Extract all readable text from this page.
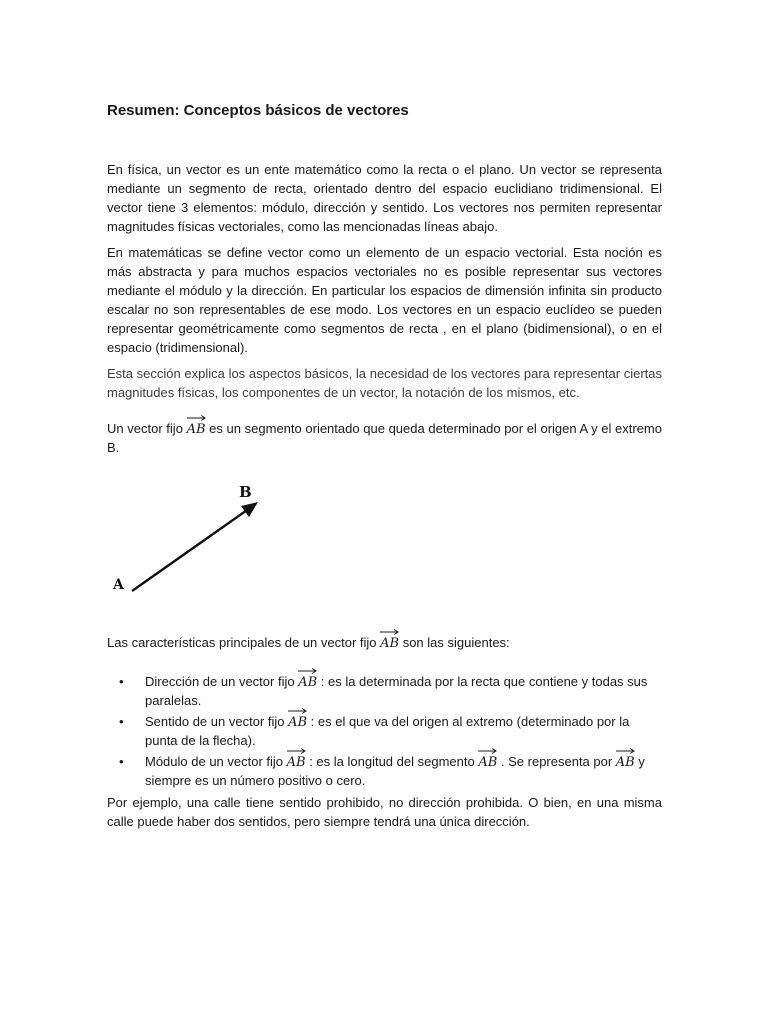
Resumen: Conceptos básicos de vectores

En física, un vector es un ente matemático como la recta o el plano. Un vector se representa mediante un segmento de recta, orientado dentro del espacio euclidiano tridimensional. El vector tiene 3 elementos: módulo, dirección y sentido. Los vectores nos permiten representar magnitudes físicas vectoriales, como las mencionadas líneas abajo.

En matemáticas se define vector como un elemento de un espacio vectorial. Esta noción es más abstracta y para muchos espacios vectoriales no es posible representar sus vectores mediante el módulo y la dirección. En particular los espacios de dimensión infinita sin producto escalar no son representables de ese modo. Los vectores en un espacio euclídeo se pueden representar geométricamente como segmentos de recta , en el plano (bidimensional), o en el espacio (tridimensional).

Esta sección explica los aspectos básicos, la necesidad de los vectores para representar ciertas magnitudes físicas, los componentes de un vector, la notación de los mismos, etc.

Un vector fijo
AB es un segmento orientado que queda determinado por el origen A y el extremo B.

A
B

Las características principales de un vector fijo
AB son las siguientes:

• Dirección de un vector fijo
AB : es la determinada por la recta que contiene y todas sus paralelas.
• Sentido de un vector fijo
AB : es el que va del origen al extremo (determinado por la punta de la flecha).
• Módulo de un vector fijo
AB : es la longitud del segmento
AB . Se representa por
AB y siempre es un número positivo o cero.

Por ejemplo, una calle tiene sentido prohibido, no dirección prohibida. O bien, en una misma calle puede haber dos sentidos, pero siempre tendrá una única dirección.
